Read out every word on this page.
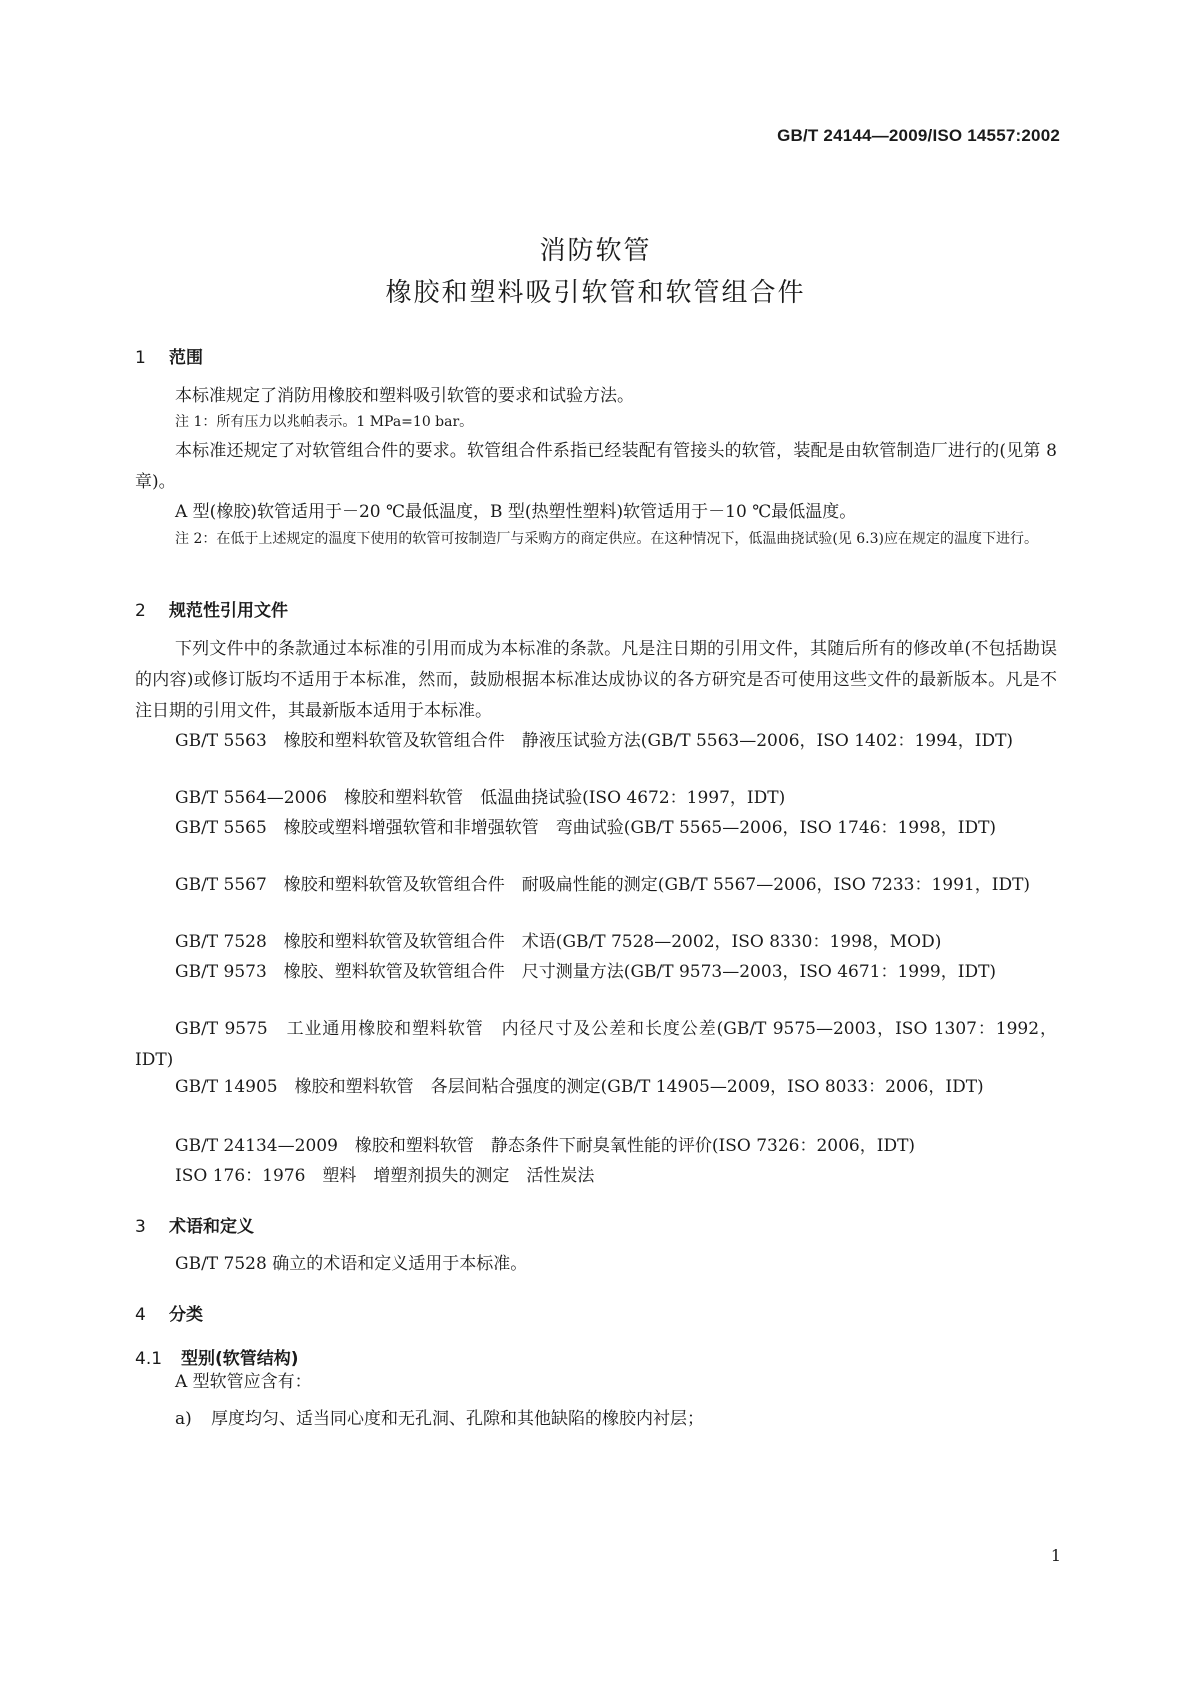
GB/T 24144—2009/ISO 14557:2002
消防软管
橡胶和塑料吸引软管和软管组合件
1 范围
本标准规定了消防用橡胶和塑料吸引软管的要求和试验方法。
注 1：所有压力以兆帕表示。1 MPa=10 bar。
本标准还规定了对软管组合件的要求。软管组合件系指已经装配有管接头的软管，装配是由软管制造厂进行的(见第 8 章)。
A 型(橡胶)软管适用于－20 ℃最低温度，B 型(热塑性塑料)软管适用于－10 ℃最低温度。
注 2：在低于上述规定的温度下使用的软管可按制造厂与采购方的商定供应。在这种情况下，低温曲挠试验(见 6.3)应在规定的温度下进行。
2 规范性引用文件
下列文件中的条款通过本标准的引用而成为本标准的条款。凡是注日期的引用文件，其随后所有的修改单(不包括勘误的内容)或修订版均不适用于本标准，然而，鼓励根据本标准达成协议的各方研究是否可使用这些文件的最新版本。凡是不注日期的引用文件，其最新版本适用于本标准。
GB/T 5563　橡胶和塑料软管及软管组合件　静液压试验方法(GB/T 5563—2006，ISO 1402：1994，IDT)
GB/T 5564—2006　橡胶和塑料软管　低温曲挠试验(ISO 4672：1997，IDT)
GB/T 5565　橡胶或塑料增强软管和非增强软管　弯曲试验(GB/T 5565—2006，ISO 1746：1998，IDT)
GB/T 5567　橡胶和塑料软管及软管组合件　耐吸扁性能的测定(GB/T 5567—2006，ISO 7233：1991，IDT)
GB/T 7528　橡胶和塑料软管及软管组合件　术语(GB/T 7528—2002，ISO 8330：1998，MOD)
GB/T 9573　橡胶、塑料软管及软管组合件　尺寸测量方法(GB/T 9573—2003，ISO 4671：1999，IDT)
GB/T 9575　工业通用橡胶和塑料软管　内径尺寸及公差和长度公差(GB/T 9575—2003，ISO 1307：1992，IDT)
GB/T 14905　橡胶和塑料软管　各层间粘合强度的测定(GB/T 14905—2009，ISO 8033：2006，IDT)
GB/T 24134—2009　橡胶和塑料软管　静态条件下耐臭氧性能的评价(ISO 7326：2006，IDT)
ISO 176：1976　塑料　增塑剂损失的测定　活性炭法
3 术语和定义
GB/T 7528 确立的术语和定义适用于本标准。
4 分类
4.1 型别(软管结构)
A 型软管应含有：
a) 厚度均匀、适当同心度和无孔洞、孔隙和其他缺陷的橡胶内衬层；
1
